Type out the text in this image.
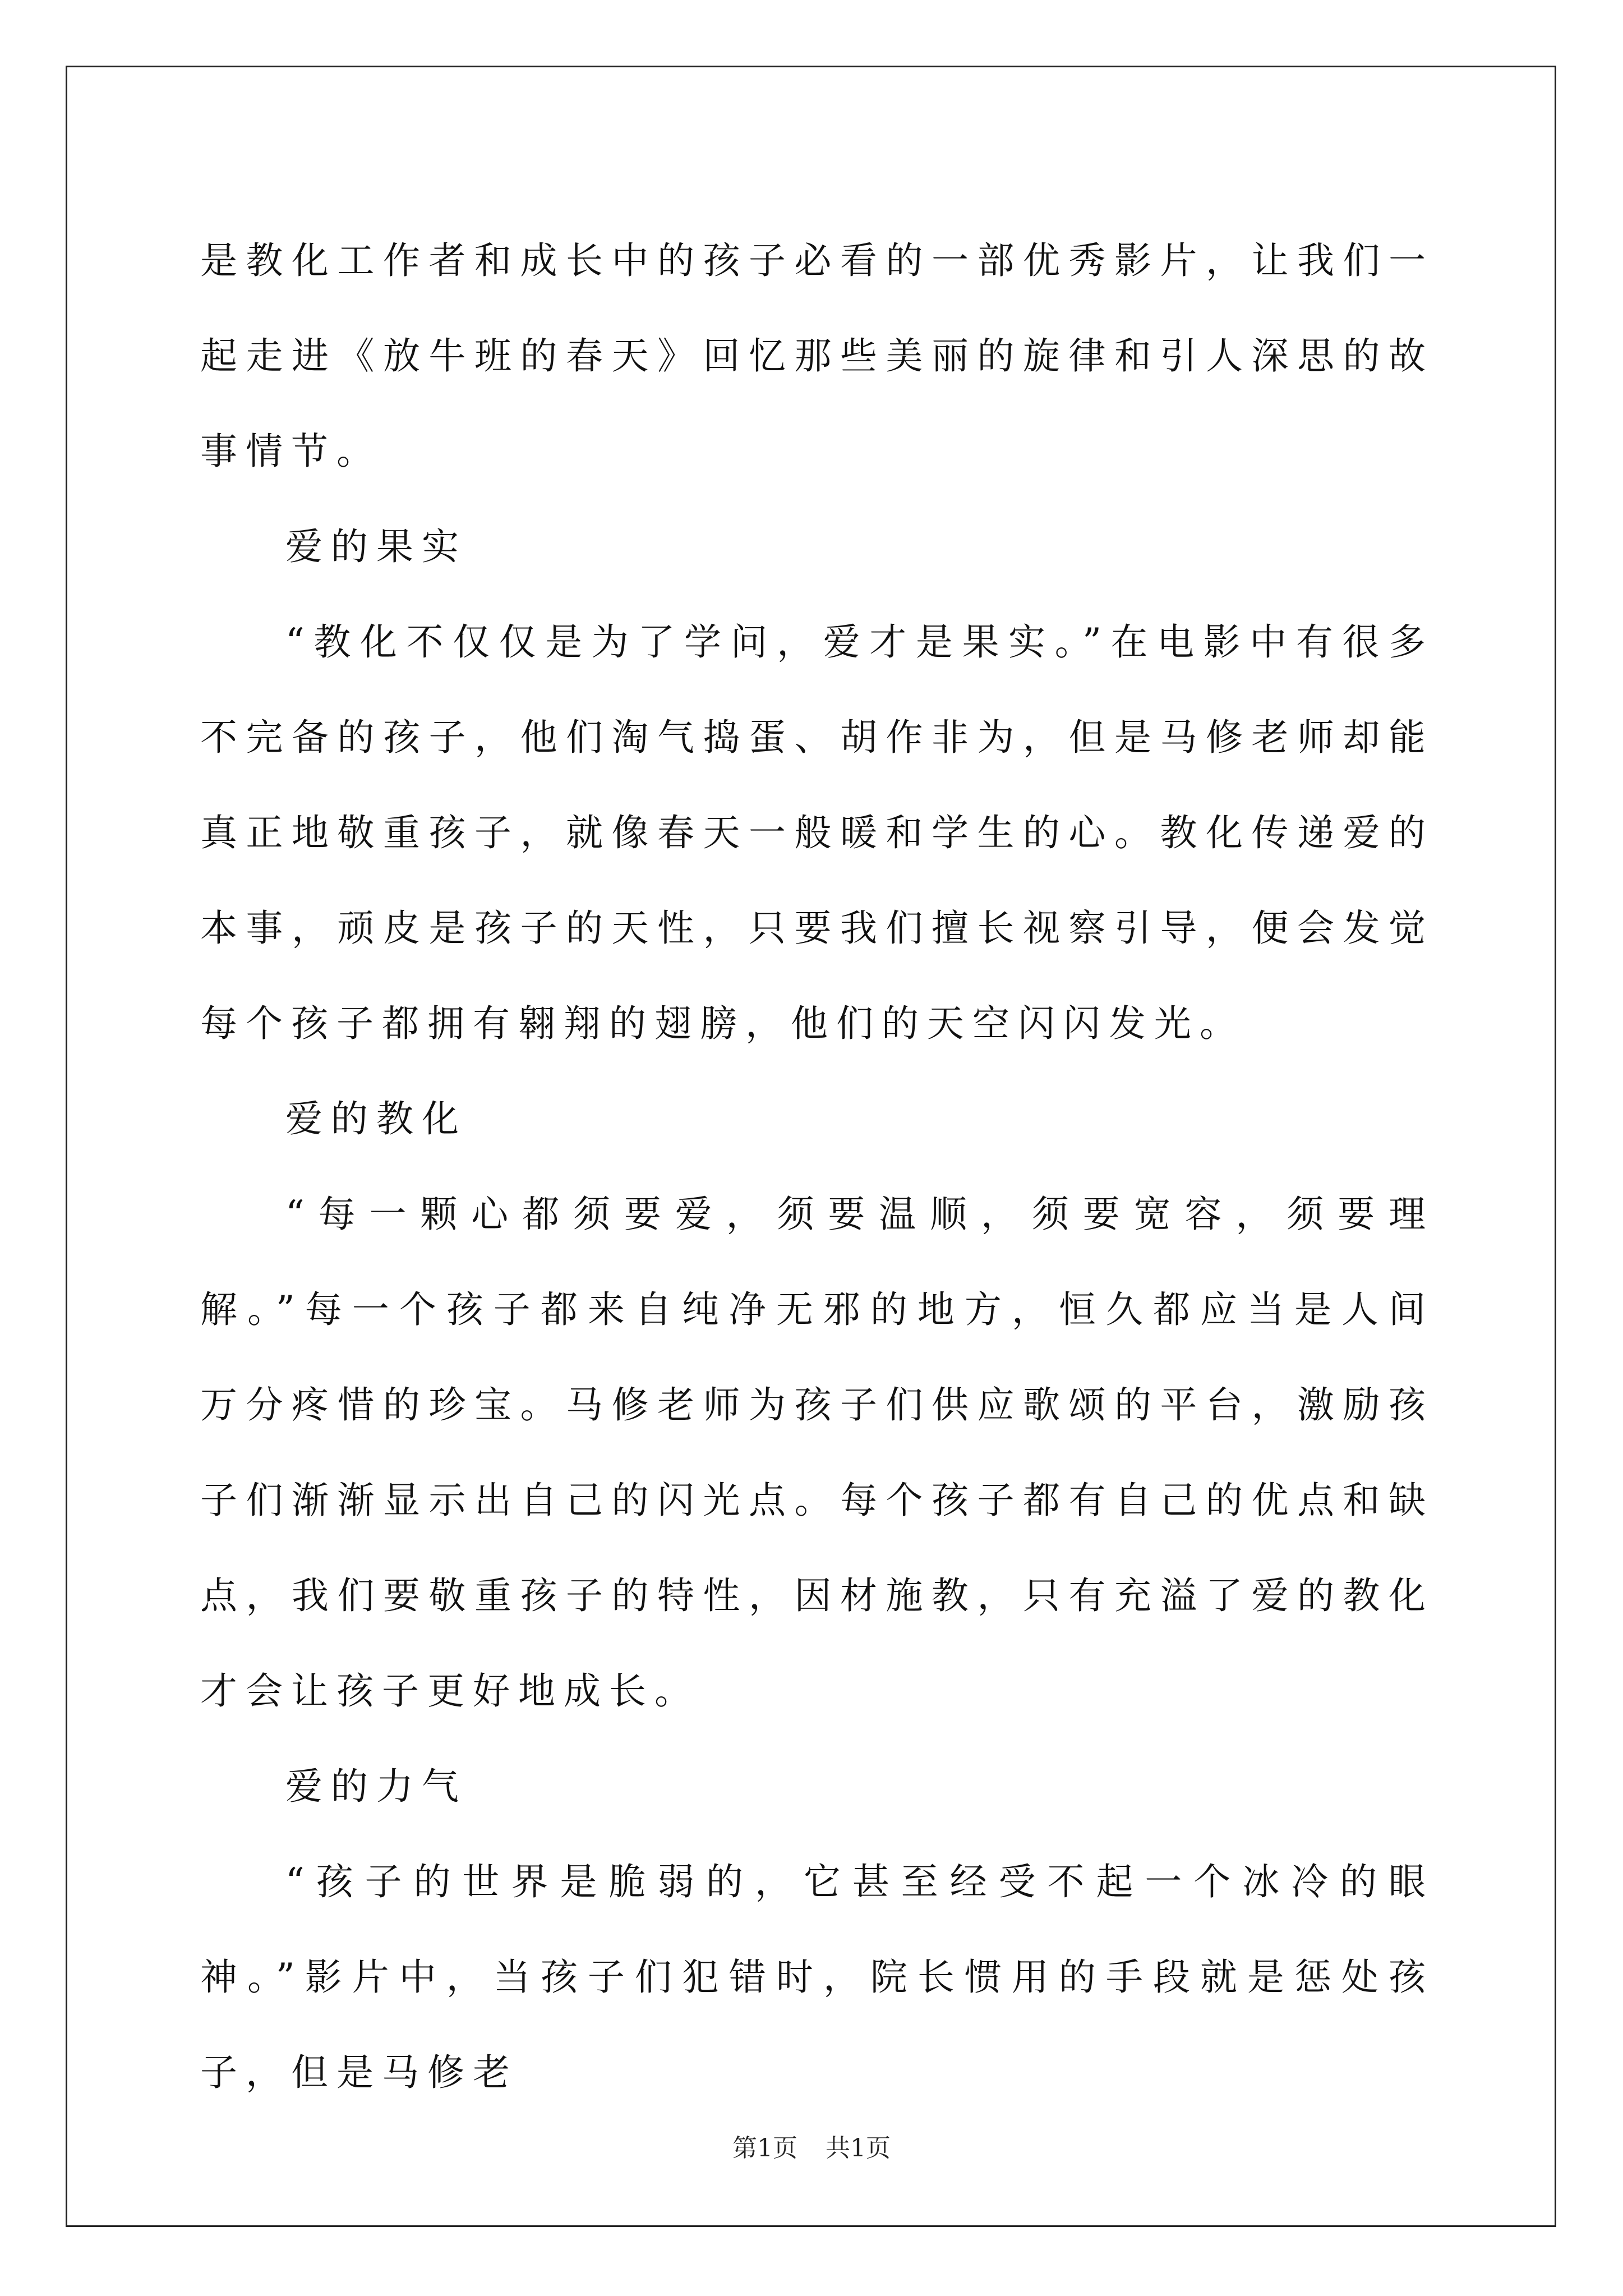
是教化工作者和成长中的孩子必看的一部优秀影片，让我们一起走进《放牛班的春天》回忆那些美丽的旋律和引人深思的故事情节。

爱的果实

“教化不仅仅是为了学问，爱才是果实。”在电影中有很多不完备的孩子，他们淘气捣蛋、胡作非为，但是马修老师却能真正地敬重孩子，就像春天一般暖和学生的心。教化传递爱的本事，顽皮是孩子的天性，只要我们擅长视察引导，便会发觉每个孩子都拥有翱翔的翅膀，他们的天空闪闪发光。

爱的教化

“每一颗心都须要爱，须要温顺，须要宽容，须要理解。”每一个孩子都来自纯净无邪的地方，恒久都应当是人间万分疼惜的珍宝。马修老师为孩子们供应歌颂的平台，激励孩子们渐渐显示出自己的闪光点。每个孩子都有自己的优点和缺点，我们要敬重孩子的特性，因材施教，只有充溢了爱的教化才会让孩子更好地成长。

爱的力气

“孩子的世界是脆弱的，它甚至经受不起一个冰冷的眼神。”影片中，当孩子们犯错时，院长惯用的手段就是惩处孩子，但是马修老

第1页 共1页
